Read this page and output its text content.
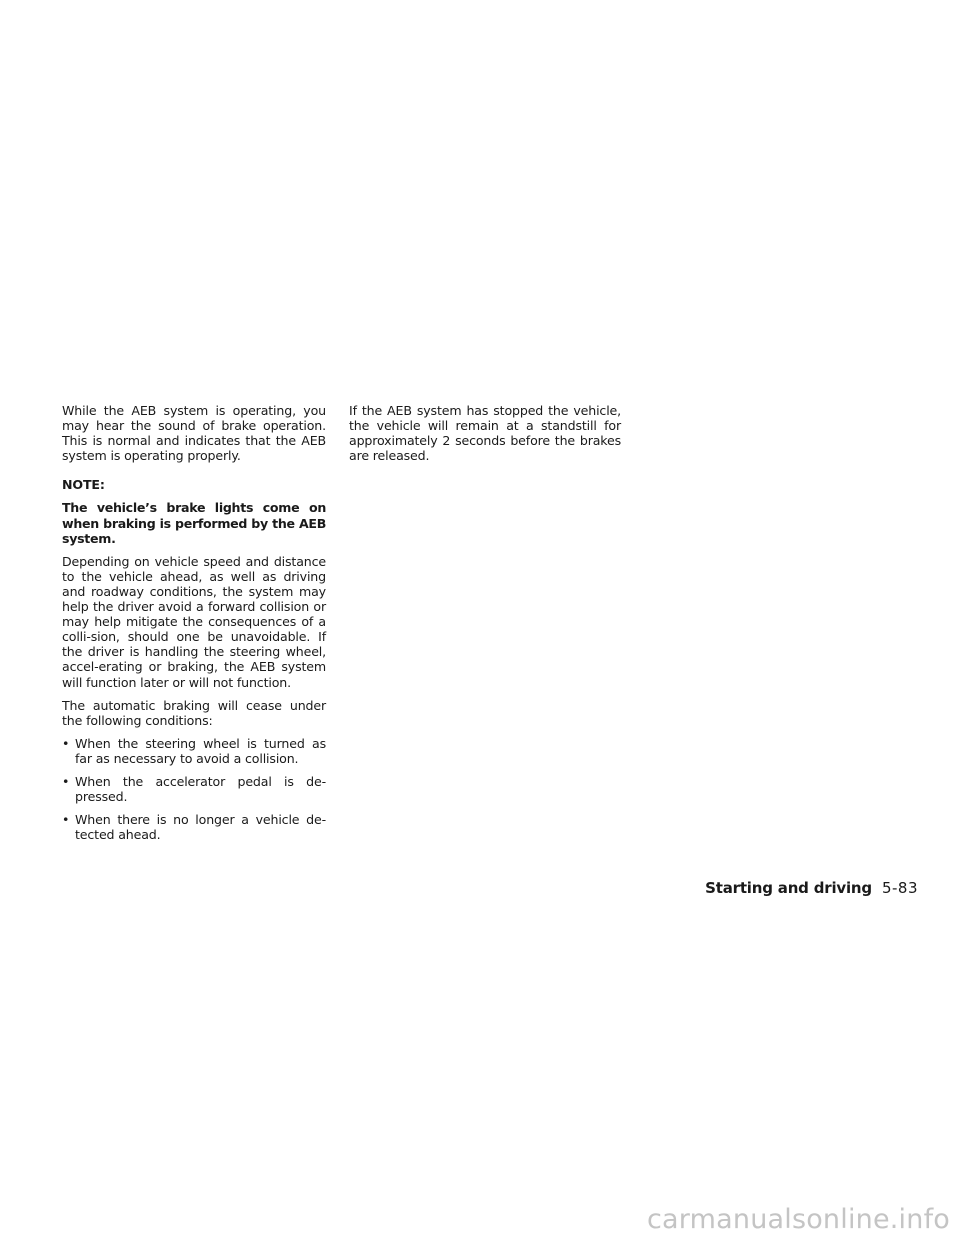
While the AEB system is operating, you may hear the sound of brake operation. This is normal and indicates that the AEB system is operating properly.

NOTE:

The vehicle’s brake lights come on when braking is performed by the AEB system.

Depending on vehicle speed and distance to the vehicle ahead, as well as driving and roadway conditions, the system may help the driver avoid a forward collision or may help mitigate the consequences of a colli-sion, should one be unavoidable. If the driver is handling the steering wheel, accel-erating or braking, the AEB system will function later or will not function.

The automatic braking will cease under the following conditions:

• When the steering wheel is turned as far as necessary to avoid a collision.
• When the accelerator pedal is de-pressed.
• When there is no longer a vehicle de-tected ahead.

If the AEB system has stopped the vehicle, the vehicle will remain at a standstill for approximately 2 seconds before the brakes are released.

Starting and driving 5-83
carmanualsonline.info
